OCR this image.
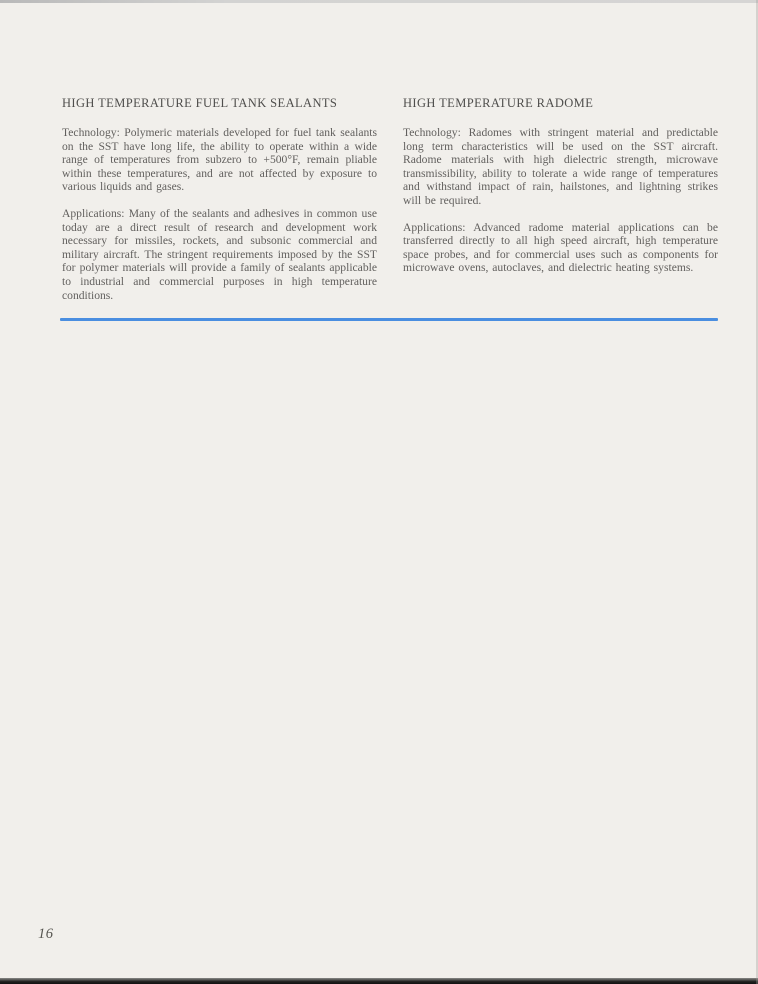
HIGH TEMPERATURE FUEL TANK SEALANTS

Technology: Polymeric materials developed for fuel tank sealants on the SST have long life, the ability to operate within a wide range of temperatures from subzero to +500°F, remain pliable within these temperatures, and are not affected by exposure to various liquids and gases.

Applications: Many of the sealants and adhesives in common use today are a direct result of research and development work necessary for missiles, rockets, and subsonic commercial and military aircraft. The stringent requirements imposed by the SST for polymer materials will provide a family of sealants applicable to industrial and commercial purposes in high temperature conditions.

HIGH TEMPERATURE RADOME

Technology: Radomes with stringent material and predictable long term characteristics will be used on the SST aircraft. Radome materials with high dielectric strength, microwave transmissibility, ability to tolerate a wide range of temperatures and withstand impact of rain, hailstones, and lightning strikes will be required.

Applications: Advanced radome material applications can be transferred directly to all high speed aircraft, high temperature space probes, and for commercial uses such as components for microwave ovens, autoclaves, and dielectric heating systems.

16
